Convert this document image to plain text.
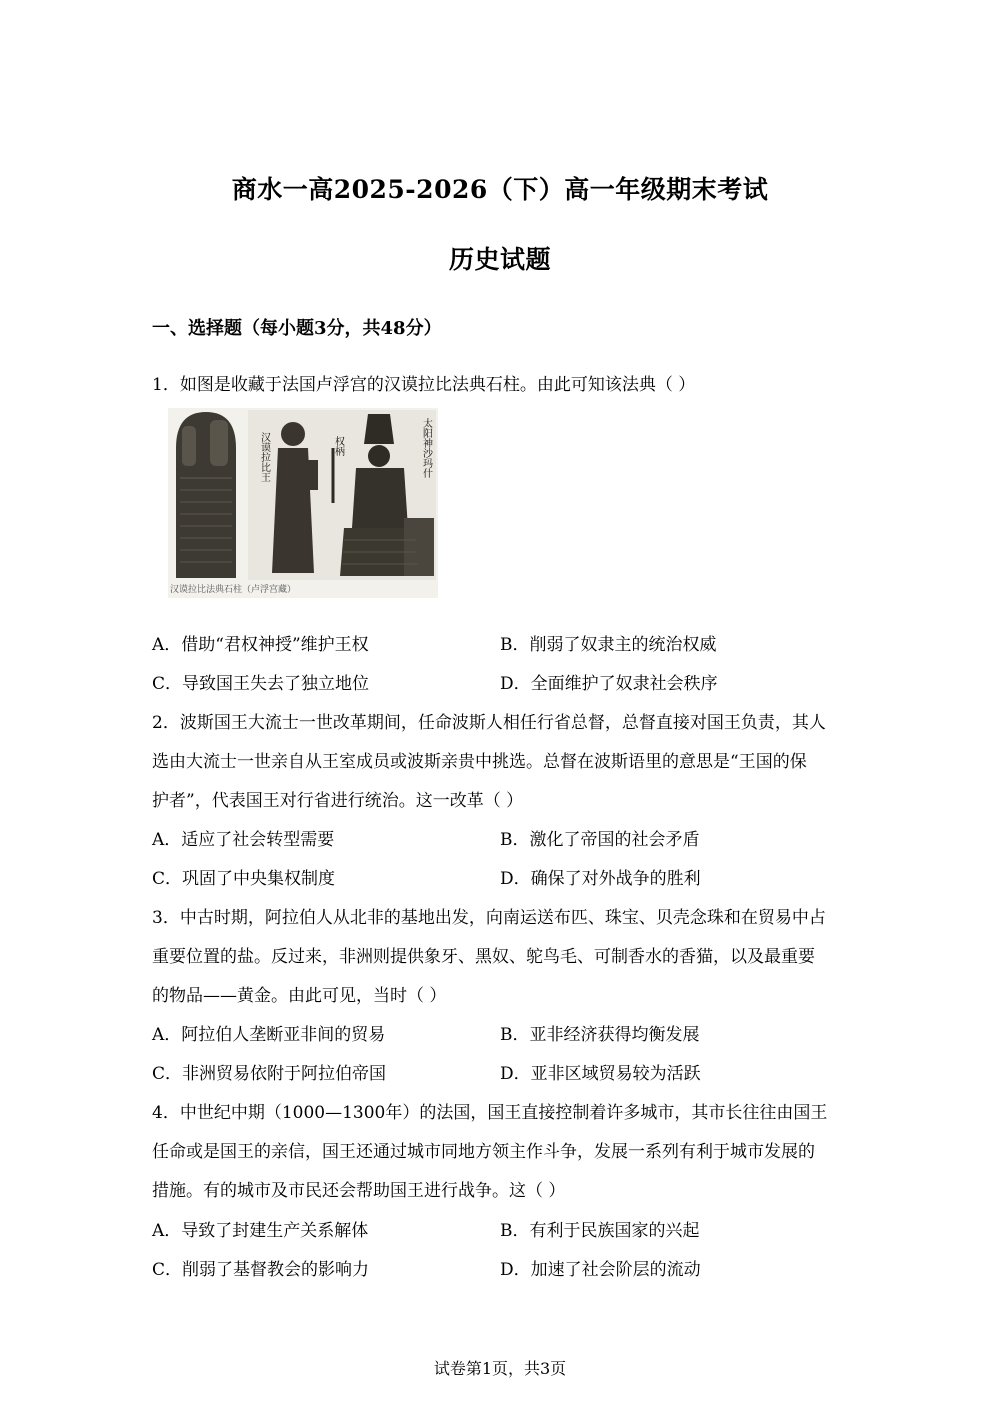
商水一高2025-2026（下）高一年级期末考试
历史试题
一、选择题（每小题3分，共48分）
1．如图是收藏于法国卢浮宫的汉谟拉比法典石柱。由此可知该法典（ ）
汉谟拉比王	权柄	太阳神沙玛什
汉谟拉比法典石柱（卢浮宫藏）
A．借助“君权神授”维护王权	B．削弱了奴隶主的统治权威
C．导致国王失去了独立地位	D．全面维护了奴隶社会秩序
2．波斯国王大流士一世改革期间，任命波斯人相任行省总督，总督直接对国王负责，其人
选由大流士一世亲自从王室成员或波斯亲贵中挑选。总督在波斯语里的意思是“王国的保
护者”，代表国王对行省进行统治。这一改革（ ）
A．适应了社会转型需要	B．激化了帝国的社会矛盾
C．巩固了中央集权制度	D．确保了对外战争的胜利
3．中古时期，阿拉伯人从北非的基地出发，向南运送布匹、珠宝、贝壳念珠和在贸易中占
重要位置的盐。反过来，非洲则提供象牙、黑奴、鸵鸟毛、可制香水的香猫，以及最重要
的物品——黄金。由此可见，当时（ ）
A．阿拉伯人垄断亚非间的贸易	B．亚非经济获得均衡发展
C．非洲贸易依附于阿拉伯帝国	D．亚非区域贸易较为活跃
4．中世纪中期（1000—1300年）的法国，国王直接控制着许多城市，其市长往往由国王
任命或是国王的亲信，国王还通过城市同地方领主作斗争，发展一系列有利于城市发展的
措施。有的城市及市民还会帮助国王进行战争。这（ ）
A．导致了封建生产关系解体	B．有利于民族国家的兴起
C．削弱了基督教会的影响力	D．加速了社会阶层的流动
试卷第1页，共3页
